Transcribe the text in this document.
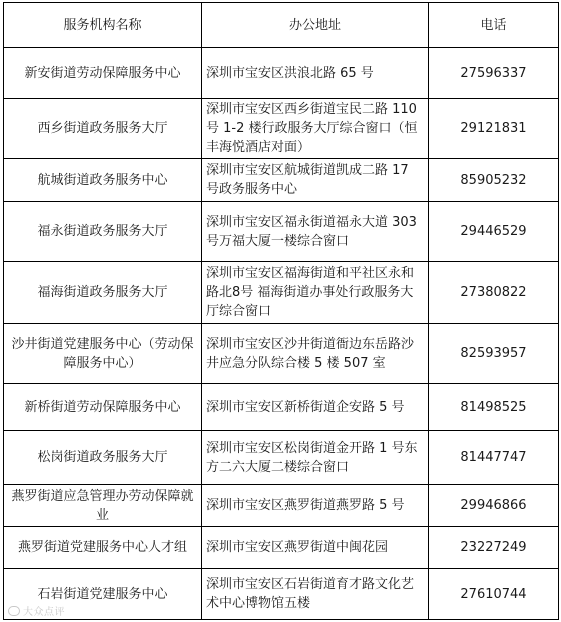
服务机构名称	办公地址	电话
新安街道劳动保障服务中心	深圳市宝安区洪浪北路 65 号	27596337
西乡街道政务服务大厅	深圳市宝安区西乡街道宝民二路 110 号 1-2 楼行政服务大厅综合窗口（恒丰海悦酒店对面）	29121831
航城街道政务服务中心	深圳市宝安区航城街道凯成二路 17 号政务服务中心	85905232
福永街道政务服务大厅	深圳市宝安区福永街道福永大道 303 号万福大厦一楼综合窗口	29446529
福海街道政务服务大厅	深圳市宝安区福海街道和平社区永和路北8号 福海街道办事处行政服务大厅综合窗口	27380822
沙井街道党建服务中心（劳动保障服务中心）	深圳市宝安区沙井街道衙边东岳路沙井应急分队综合楼 5 楼 507 室	82593957
新桥街道劳动保障服务中心	深圳市宝安区新桥街道企安路 5 号	81498525
松岗街道政务服务大厅	深圳市宝安区松岗街道金开路 1 号东方二六大厦二楼综合窗口	81447747
燕罗街道应急管理办劳动保障就业	深圳市宝安区燕罗街道燕罗路 5 号	29946866
燕罗街道党建服务中心人才组	深圳市宝安区燕罗街道中闽花园	23227249
石岩街道党建服务中心	深圳市宝安区石岩街道育才路文化艺术中心博物馆五楼	27610744
大众点评
